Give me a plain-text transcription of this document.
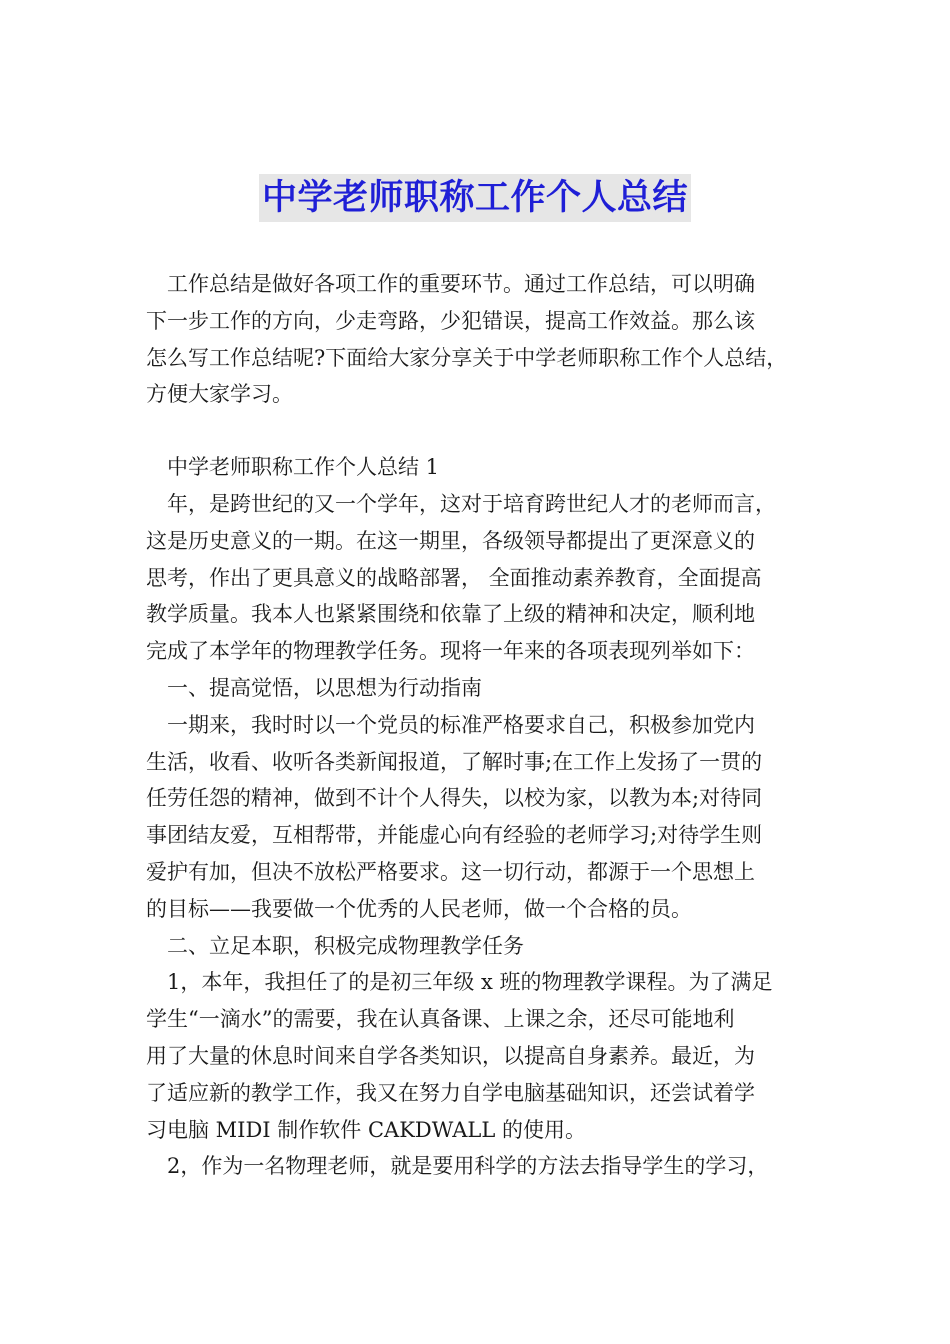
中学老师职称工作个人总结
工作总结是做好各项工作的重要环节。通过工作总结，可以明确
下一步工作的方向，少走弯路，少犯错误，提高工作效益。那么该
怎么写工作总结呢?下面给大家分享关于中学老师职称工作个人总结，
方便大家学习。
中学老师职称工作个人总结 1
年，是跨世纪的又一个学年，这对于培育跨世纪人才的老师而言，
这是历史意义的一期。在这一期里，各级领导都提出了更深意义的
思考，作出了更具意义的战略部署， 全面推动素养教育，全面提高
教学质量。我本人也紧紧围绕和依靠了上级的精神和决定，顺利地
完成了本学年的物理教学任务。现将一年来的各项表现列举如下：
一、提高觉悟，以思想为行动指南
一期来，我时时以一个党员的标准严格要求自己，积极参加党内
生活，收看、收听各类新闻报道，了解时事;在工作上发扬了一贯的
任劳任怨的精神，做到不计个人得失，以校为家，以教为本;对待同
事团结友爱，互相帮带，并能虚心向有经验的老师学习;对待学生则
爱护有加，但决不放松严格要求。这一切行动，都源于一个思想上
的目标——我要做一个优秀的人民老师，做一个合格的员。
二、立足本职，积极完成物理教学任务
1，本年，我担任了的是初三年级 x 班的物理教学课程。为了满足
学生“一滴水”的需要，我在认真备课、上课之余，还尽可能地利
用了大量的休息时间来自学各类知识，以提高自身素养。最近，为
了适应新的教学工作，我又在努力自学电脑基础知识，还尝试着学
习电脑 MIDI 制作软件 CAKDWALL 的使用。
2，作为一名物理老师，就是要用科学的方法去指导学生的学习，
